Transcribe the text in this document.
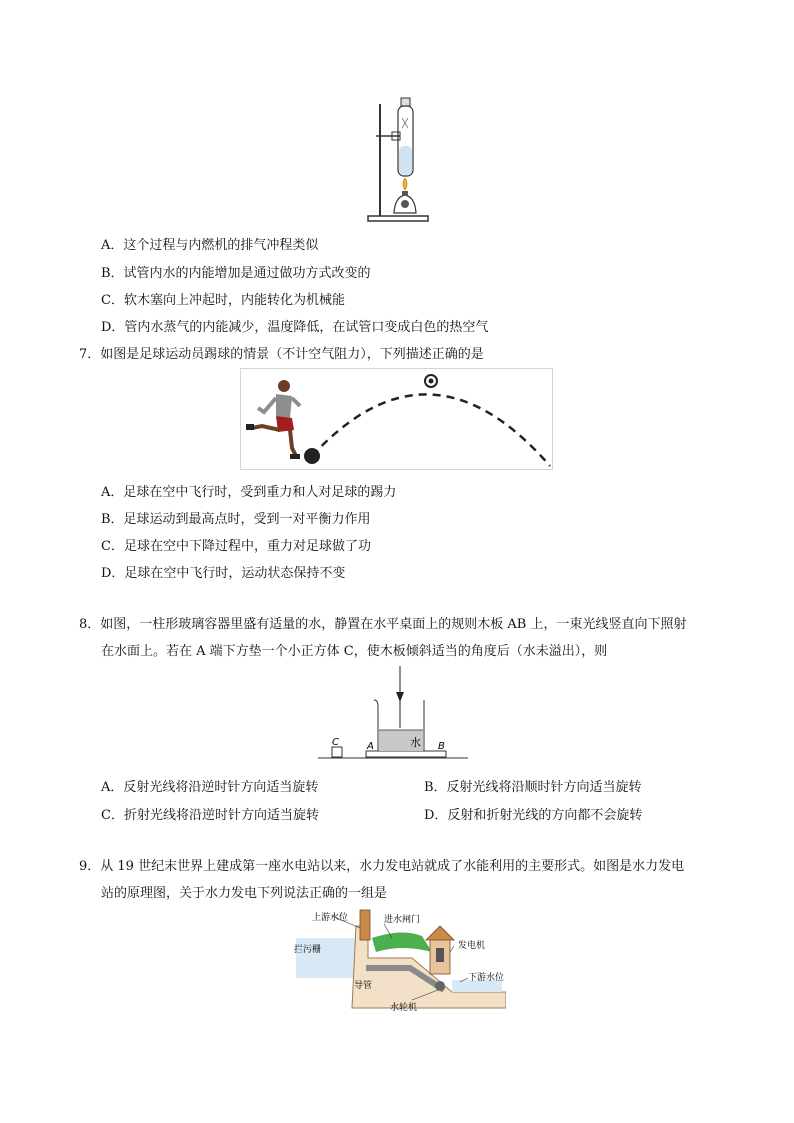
A．这个过程与内燃机的排气冲程类似
B．试管内水的内能增加是通过做功方式改变的
C．软木塞向上冲起时，内能转化为机械能
D．管内水蒸气的内能减少，温度降低，在试管口变成白色的热空气
7．如图是足球运动员踢球的情景（不计空气阻力），下列描述正确的是
A．足球在空中飞行时，受到重力和人对足球的踢力
B．足球运动到最高点时，受到一对平衡力作用
C．足球在空中下降过程中，重力对足球做了功
D．足球在空中飞行时，运动状态保持不变
8．如图，一柱形玻璃容器里盛有适量的水，静置在水平桌面上的规则木板 AB 上，一束光线竖直向下照射
在水面上。若在 A 端下方垫一个小正方体 C，使木板倾斜适当的角度后（水未溢出），则
C	A	B
水
A．反射光线将沿逆时针方向适当旋转	B．反射光线将沿顺时针方向适当旋转
C．折射光线将沿逆时针方向适当旋转	D．反射和折射光线的方向都不会旋转
9．从 19 世纪末世界上建成第一座水电站以来，水力发电站就成了水能利用的主要形式。如图是水力发电
站的原理图，关于水力发电下列说法正确的一组是
上游水位	进水闸门
拦污栅	发电机
导管
下游水位
水轮机
